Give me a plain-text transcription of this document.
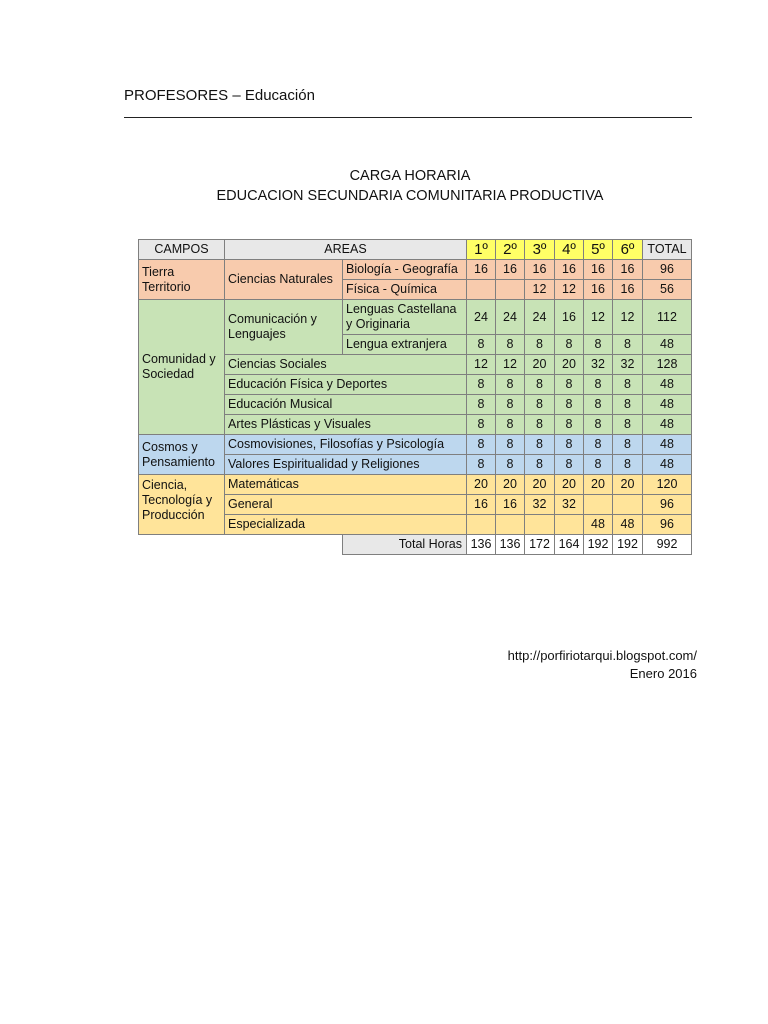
PROFESORES – Educación
CARGA HORARIA
EDUCACION SECUNDARIA COMUNITARIA PRODUCTIVA
CAMPOS	AREAS		1º	2º	3º	4º	5º	6º	TOTAL
Tierra Territorio	Ciencias Naturales	Biología - Geografía	16	16	16	16	16	16	96
		Física - Química			12	12	16	16	56
Comunidad y Sociedad	Comunicación y Lenguajes	Lenguas Castellana y Originaria	24	24	24	16	12	12	112
		Lengua extranjera	8	8	8	8	8	8	48
	Ciencias Sociales		12	12	20	20	32	32	128
	Educación Física y Deportes		8	8	8	8	8	8	48
	Educación Musical		8	8	8	8	8	8	48
	Artes Plásticas y Visuales		8	8	8	8	8	8	48
Cosmos y Pensamiento	Cosmovisiones, Filosofías y Psicología		8	8	8	8	8	8	48
	Valores Espiritualidad y Religiones		8	8	8	8	8	8	48
Ciencia, Tecnología y Producción	Matemáticas		20	20	20	20	20	20	120
	General		16	16	32	32			96
	Especializada						48	48	96
		Total Horas	136	136	172	164	192	192	992
http://porfiriotarqui.blogspot.com/
Enero 2016
